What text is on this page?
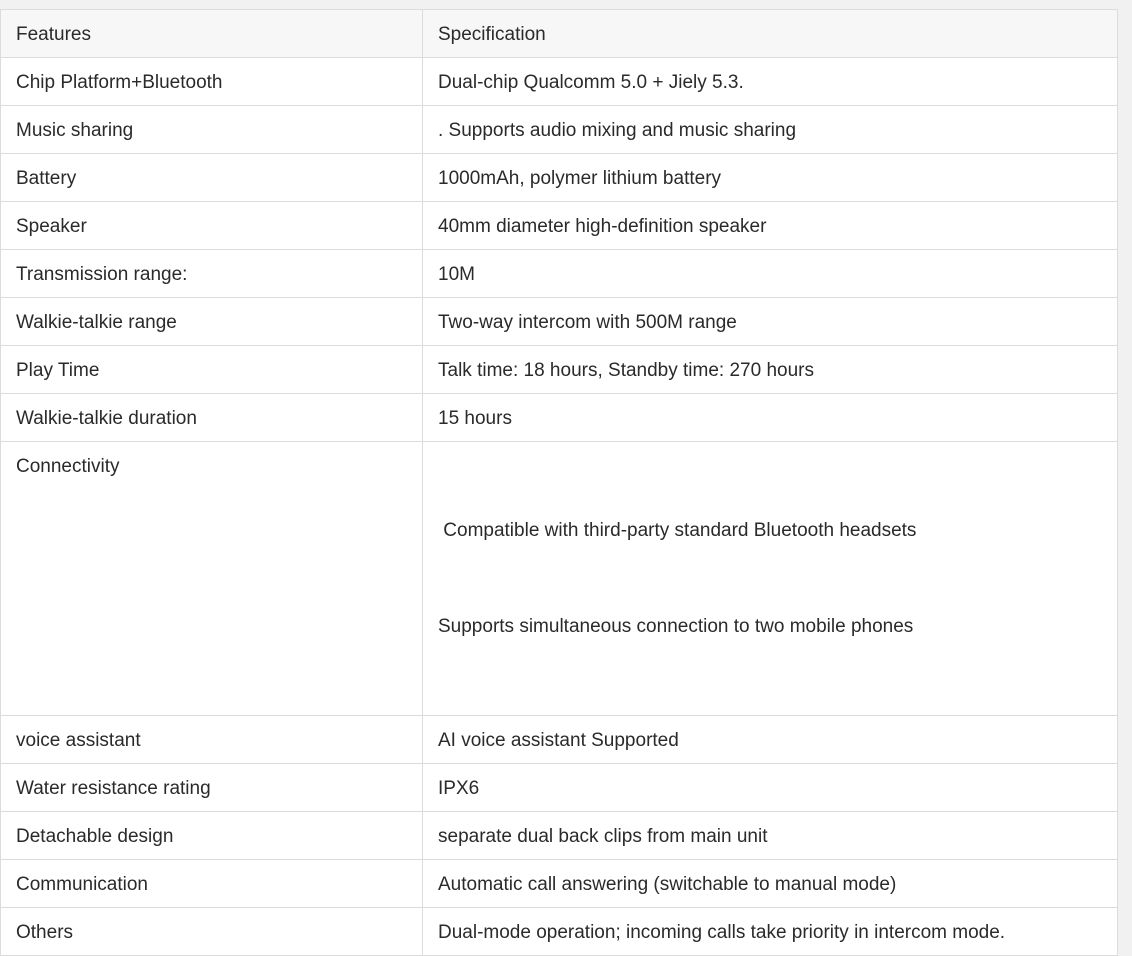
Features	Specification
Chip Platform+Bluetooth	Dual-chip Qualcomm 5.0 + Jiely 5.3.
Music sharing	. Supports audio mixing and music sharing
Battery	1000mAh, polymer lithium battery
Speaker	40mm diameter high-definition speaker
Transmission range:	10M
Walkie-talkie range	Two-way intercom with 500M range
Play Time	Talk time: 18 hours, Standby time: 270 hours
Walkie-talkie duration	15 hours
Connectivity	Compatible with third-party standard Bluetooth headsets

Supports simultaneous connection to two mobile phones

voice assistant	AI voice assistant Supported
Water resistance rating	IPX6
Detachable design	separate dual back clips from main unit
Communication	Automatic call answering (switchable to manual mode)
Others	Dual-mode operation; incoming calls take priority in intercom mode.
